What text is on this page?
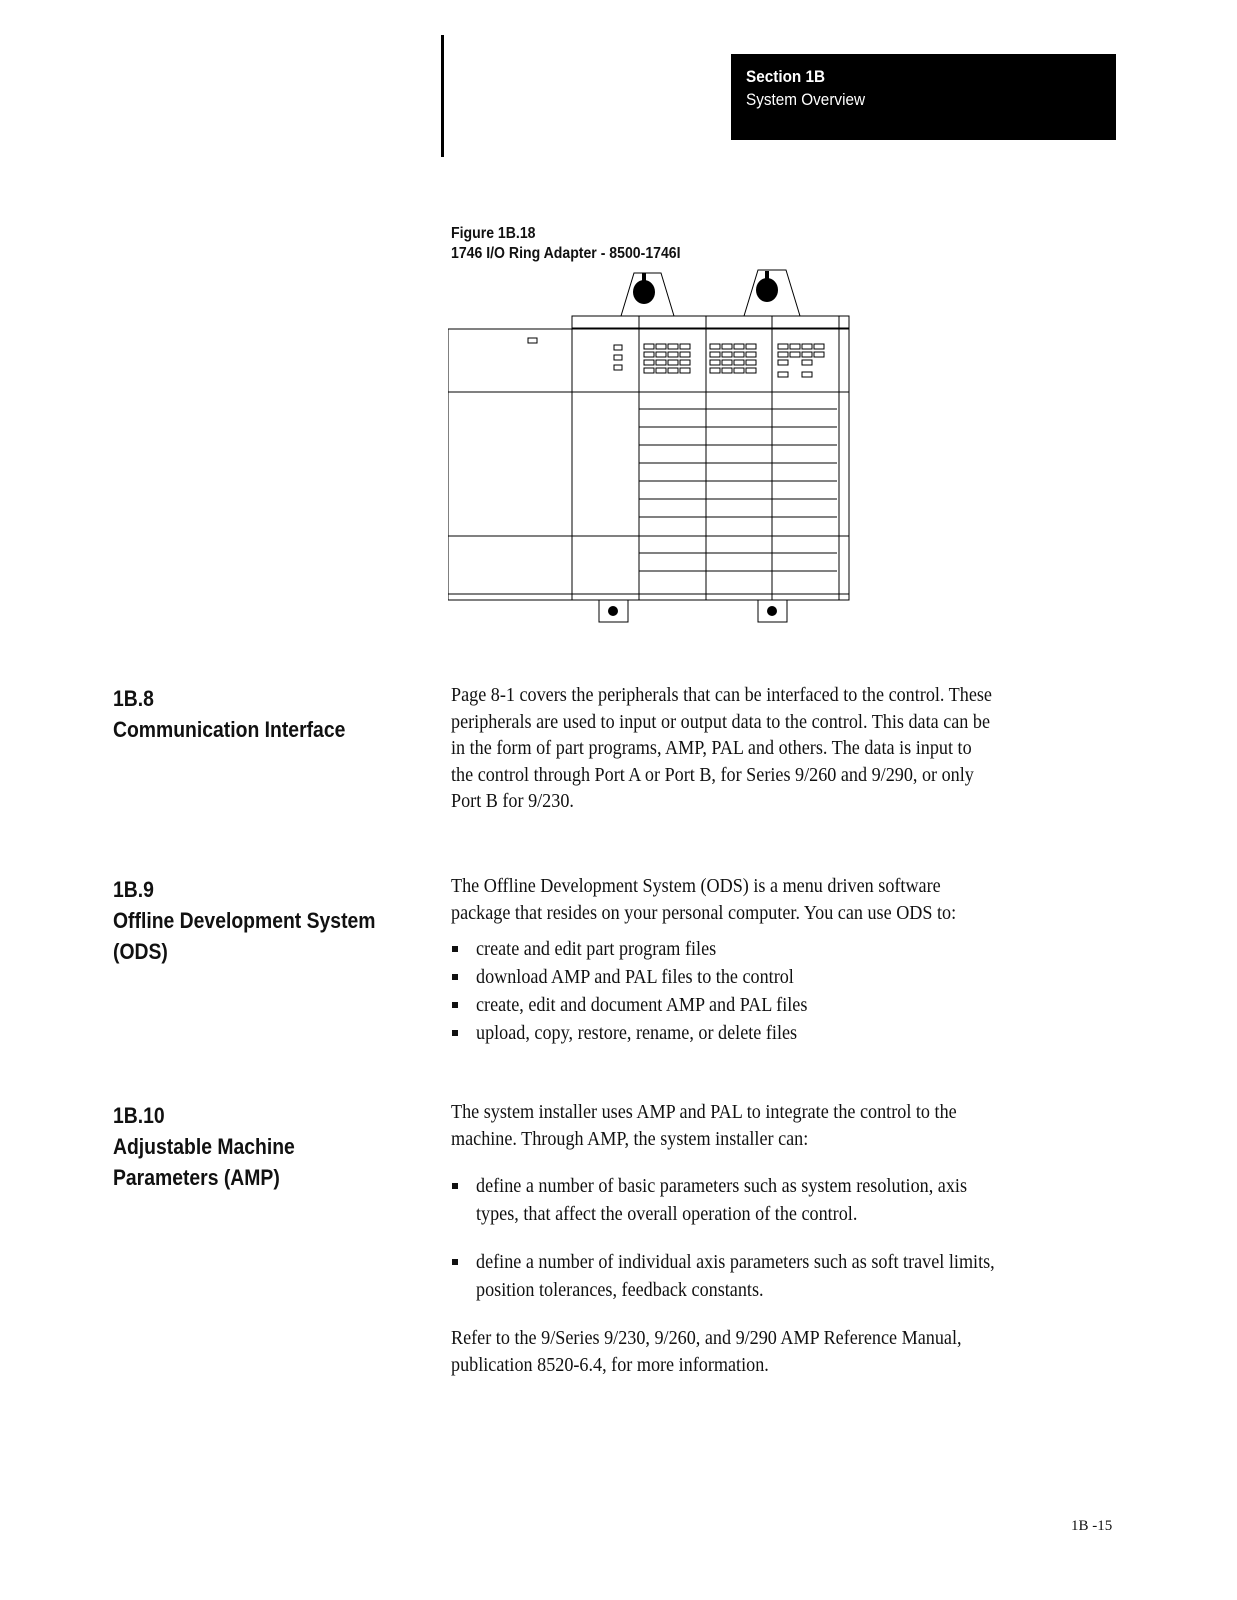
Section 1B
System Overview
Figure 1B.18
1746 I/O Ring Adapter - 8500-1746I
1B.8
Communication Interface
Page 8-1 covers the peripherals that can be interfaced to the control. These
peripherals are used to input or output data to the control. This data can be
in the form of part programs, AMP, PAL and others. The data is input to
the control through Port A or Port B, for Series 9/260 and 9/290, or only
Port B for 9/230.
1B.9
Offline Development System
(ODS)
The Offline Development System (ODS) is a menu driven software
package that resides on your personal computer. You can use ODS to:
create and edit part program files
download AMP and PAL files to the control
create, edit and document AMP and PAL files
upload, copy, restore, rename, or delete files
1B.10
Adjustable Machine
Parameters (AMP)
The system installer uses AMP and PAL to integrate the control to the
machine. Through AMP, the system installer can:
define a number of basic parameters such as system resolution, axis
types, that affect the overall operation of the control.
define a number of individual axis parameters such as soft travel limits,
position tolerances, feedback constants.
Refer to the 9/Series 9/230, 9/260, and 9/290 AMP Reference Manual,
publication 8520-6.4, for more information.
1B -15
